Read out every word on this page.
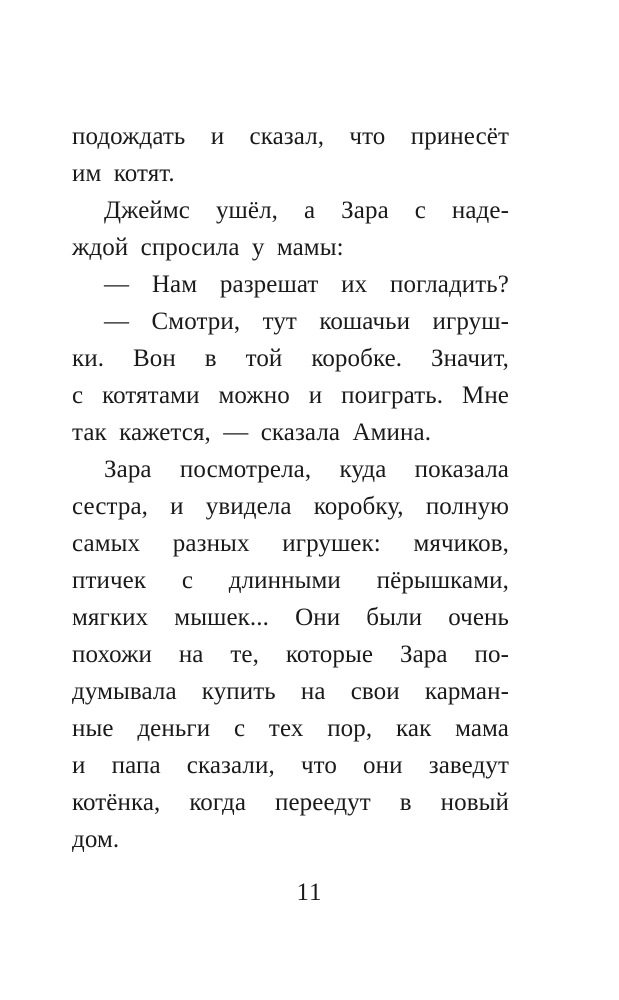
подождать и сказал, что принесёт
им котят.
Джеймс ушёл, а Зара с наде-
ждой спросила у мамы:
— Нам разрешат их погладить?
— Смотри, тут кошачьи игруш-
ки. Вон в той коробке. Значит,
с котятами можно и поиграть. Мне
так кажется, — сказала Амина.
Зара посмотрела, куда показала
сестра, и увидела коробку, полную
самых разных игрушек: мячиков,
птичек с длинными пёрышками,
мягких мышек... Они были очень
похожи на те, которые Зара по-
думывала купить на свои карман-
ные деньги с тех пор, как мама
и папа сказали, что они заведут
котёнка, когда переедут в новый
дом.
11
